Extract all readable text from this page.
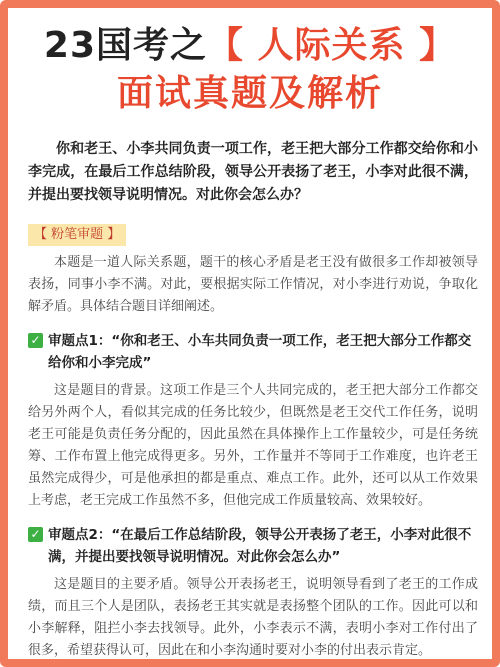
23国考之【 人际关系 】
面试真题及解析
你和老王、小李共同负责一项工作，老王把大部分工作都交给你和小李完成，在最后工作总结阶段，领导公开表扬了老王，小李对此很不满，并提出要找领导说明情况。对此你会怎么办？
【 粉笔审题 】
本题是一道人际关系题，题干的核心矛盾是老王没有做很多工作却被领导表扬，同事小李不满。对此，要根据实际工作情况，对小李进行劝说，争取化解矛盾。具体结合题目详细阐述。
✓ 审题点1：“你和老王、小车共同负责一项工作，老王把大部分工作都交给你和小李完成”
这是题目的背景。这项工作是三个人共同完成的，老王把大部分工作都交给另外两个人，看似其完成的任务比较少，但既然是老王交代工作任务，说明老王可能是负责任务分配的，因此虽然在具体操作上工作量较少，可是任务统筹、工作布置上他完成得更多。另外，工作量并不等同于工作难度，也许老王虽然完成得少，可是他承担的都是重点、难点工作。此外，还可以从工作效果上考虑，老王完成工作虽然不多，但他完成工作质量较高、效果较好。
✓ 审题点2：“在最后工作总结阶段，领导公开表扬了老王，小李对此很不满，并提出要找领导说明情况。对此你会怎么办”
这是题目的主要矛盾。领导公开表扬老王，说明领导看到了老王的工作成绩，而且三个人是团队，表扬老王其实就是表扬整个团队的工作。因此可以和小李解释，阻拦小李去找领导。此外，小李表示不满，表明小李对工作付出了很多，希望获得认可，因此在和小李沟通时要对小李的付出表示肯定。
